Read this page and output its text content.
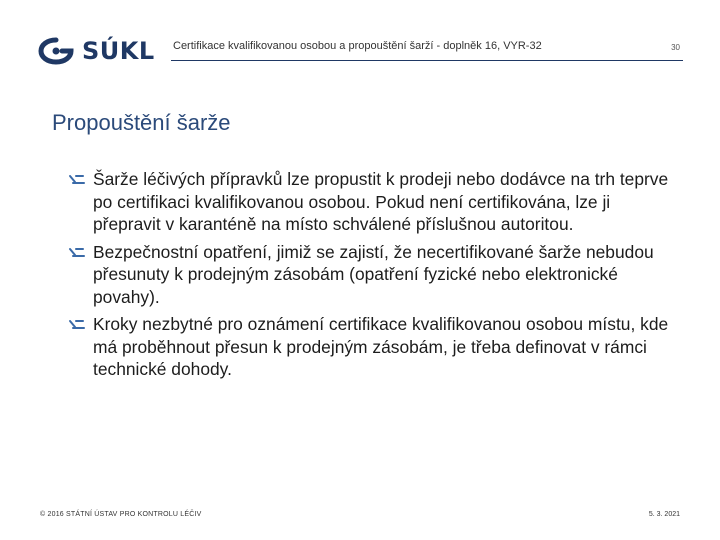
SÚKL Certifikace kvalifikovanou osobou a propouštění šarží - doplněk 16, VYR-32	30
Propouštění šarže
Šarže léčivých přípravků lze propustit k prodeji nebo dodávce na trh teprve po certifikaci kvalifikovanou osobou. Pokud není certifikována, lze ji přepravit v karanténě na místo schválené příslušnou autoritou.
Bezpečnostní opatření, jimiž se zajistí, že necertifikované šarže nebudou přesunuty k prodejným zásobám (opatření fyzické nebo elektronické povahy).
Kroky nezbytné pro oznámení certifikace kvalifikovanou osobou místu, kde má proběhnout přesun k prodejným zásobám, je třeba definovat v rámci technické dohody.
© 2016 STÁTNÍ ÚSTAV PRO KONTROLU LÉČIV	5. 3. 2021
